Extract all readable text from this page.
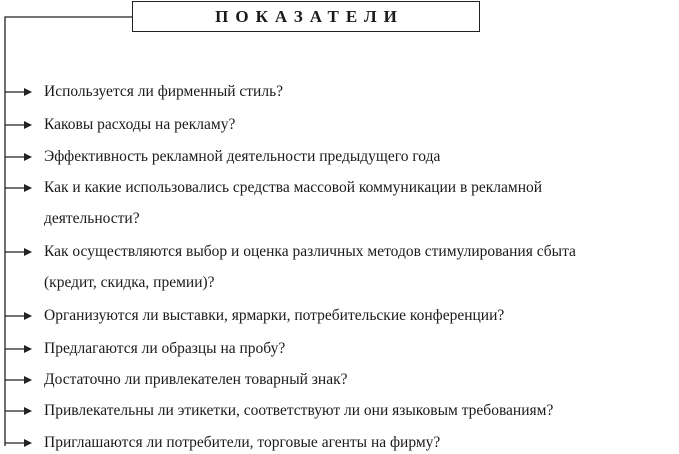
ПОКАЗАТЕЛИ
Используется ли фирменный стиль?
Каковы расходы на рекламу?
Эффективность рекламной деятельности предыдущего года
Как и какие использовались средства массовой коммуникации в рекламной
деятельности?
Как осуществляются выбор и оценка различных методов стимулирования сбыта
(кредит, скидка, премии)?
Организуются ли выставки, ярмарки, потребительские конференции?
Предлагаются ли образцы на пробу?
Достаточно ли привлекателен товарный знак?
Привлекательны ли этикетки, соответствуют ли они языковым требованиям?
Приглашаются ли потребители, торговые агенты на фирму?
